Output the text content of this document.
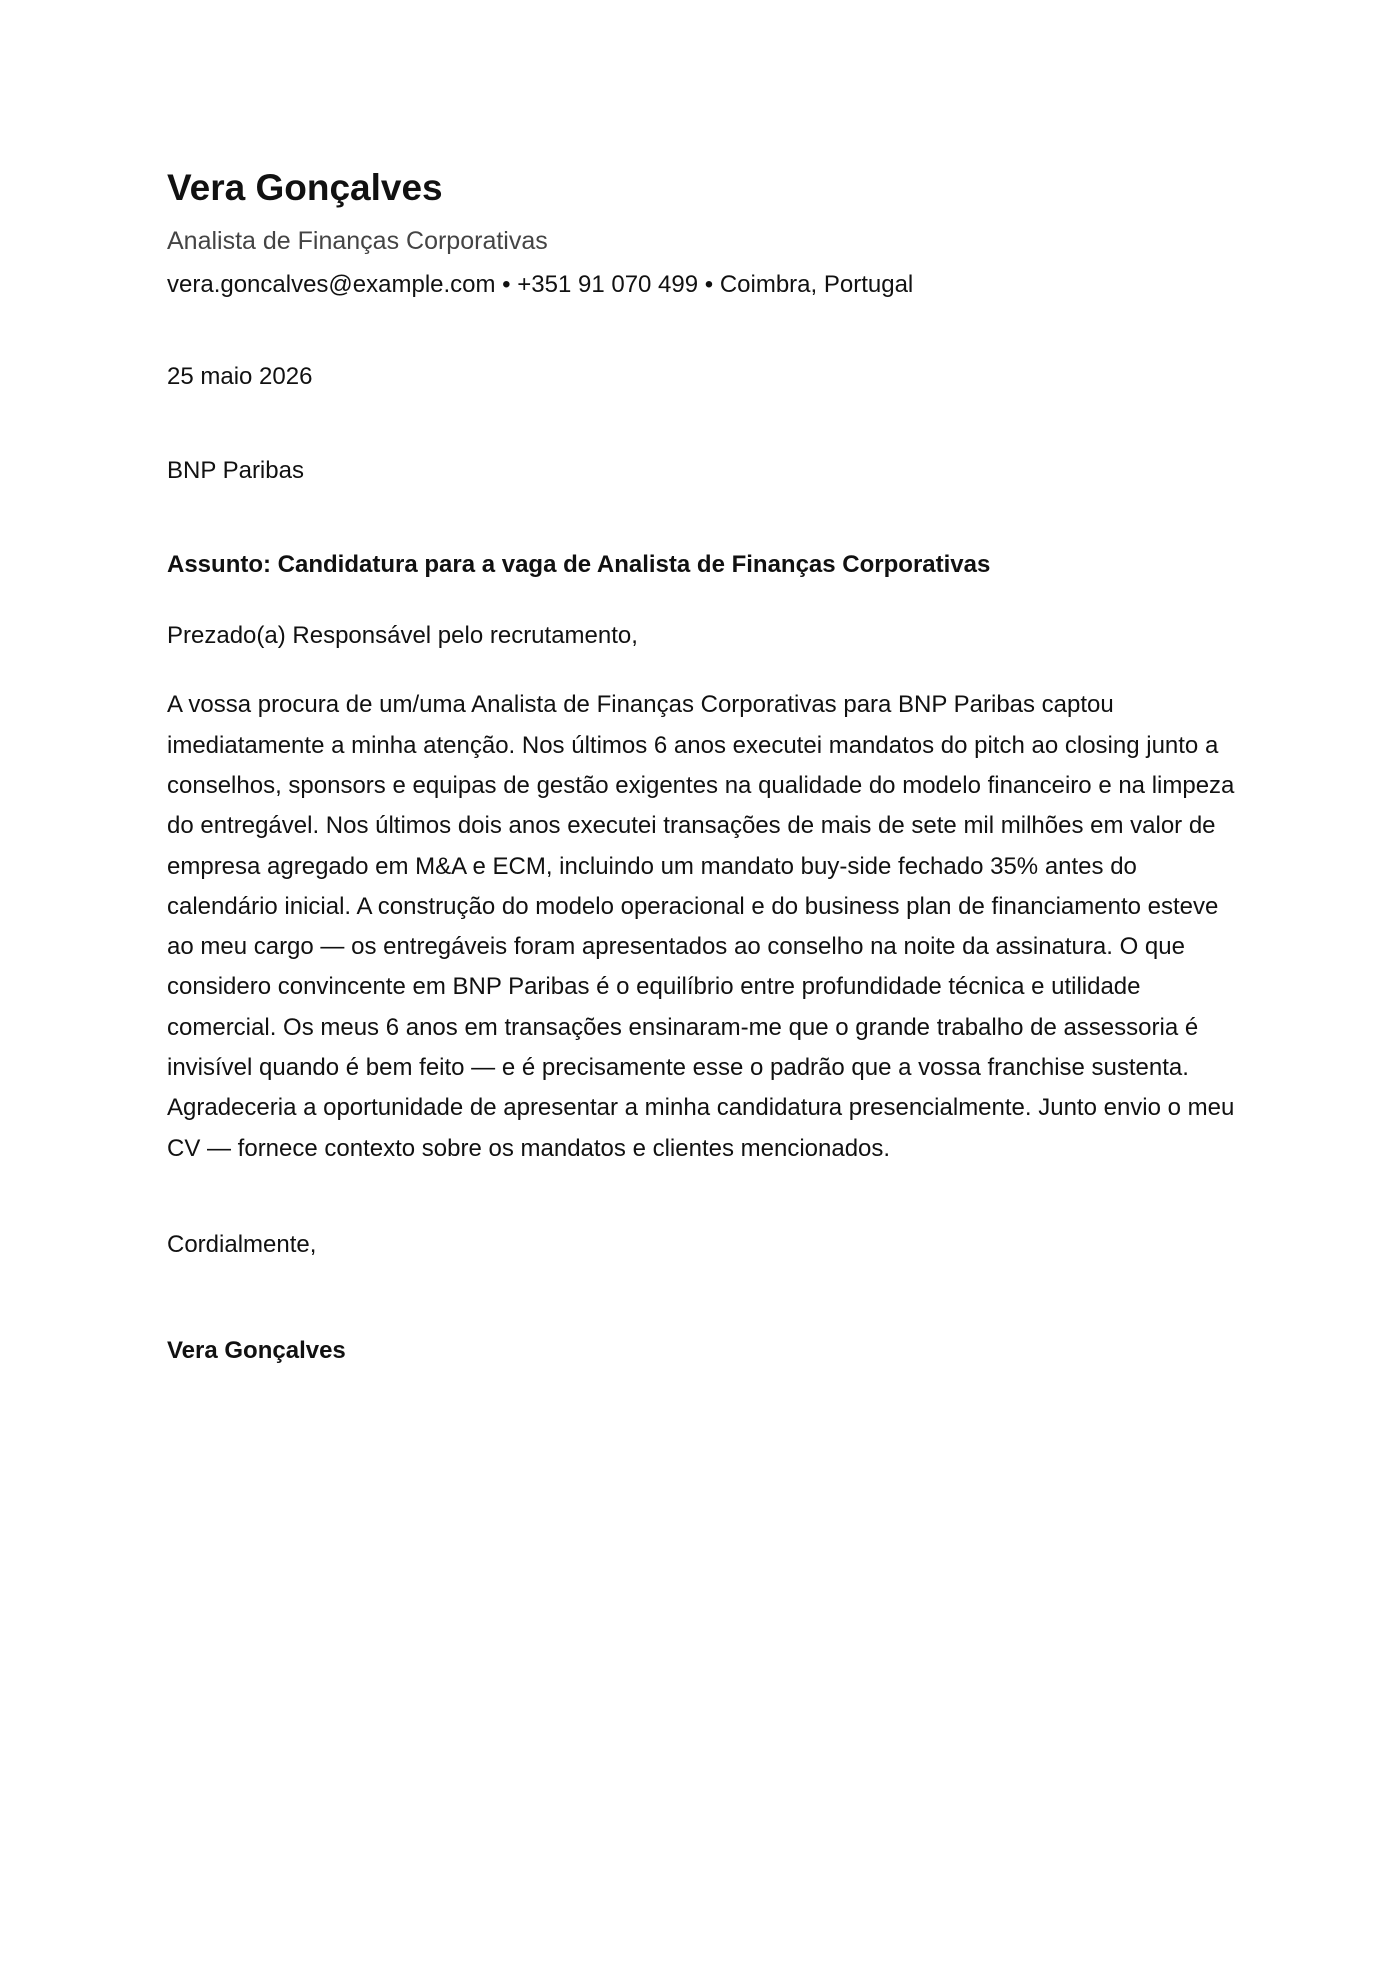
Vera Gonçalves
Analista de Finanças Corporativas
vera.goncalves@example.com • +351 91 070 499 • Coimbra, Portugal
25 maio 2026
BNP Paribas
Assunto: Candidatura para a vaga de Analista de Finanças Corporativas
Prezado(a) Responsável pelo recrutamento,
A vossa procura de um/uma Analista de Finanças Corporativas para BNP Paribas captou imediatamente a minha atenção. Nos últimos 6 anos executei mandatos do pitch ao closing junto a conselhos, sponsors e equipas de gestão exigentes na qualidade do modelo financeiro e na limpeza do entregável. Nos últimos dois anos executei transações de mais de sete mil milhões em valor de empresa agregado em M&A e ECM, incluindo um mandato buy-side fechado 35% antes do calendário inicial. A construção do modelo operacional e do business plan de financiamento esteve ao meu cargo — os entregáveis foram apresentados ao conselho na noite da assinatura. O que considero convincente em BNP Paribas é o equilíbrio entre profundidade técnica e utilidade comercial. Os meus 6 anos em transações ensinaram-me que o grande trabalho de assessoria é invisível quando é bem feito — e é precisamente esse o padrão que a vossa franchise sustenta. Agradeceria a oportunidade de apresentar a minha candidatura presencialmente. Junto envio o meu CV — fornece contexto sobre os mandatos e clientes mencionados.
Cordialmente,
Vera Gonçalves
